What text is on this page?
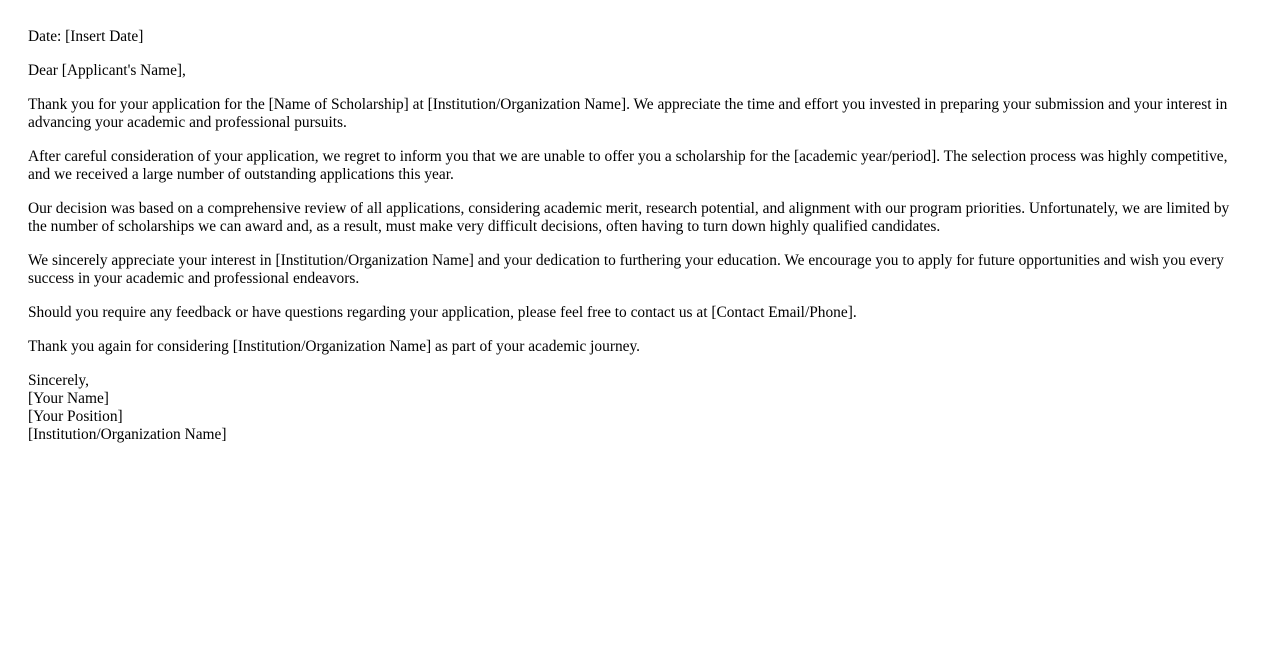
Date: [Insert Date]

Dear [Applicant's Name],

Thank you for your application for the [Name of Scholarship] at [Institution/Organization Name]. We appreciate the time and effort you invested in preparing your submission and your interest in advancing your academic and professional pursuits.

After careful consideration of your application, we regret to inform you that we are unable to offer you a scholarship for the [academic year/period]. The selection process was highly competitive, and we received a large number of outstanding applications this year.

Our decision was based on a comprehensive review of all applications, considering academic merit, research potential, and alignment with our program priorities. Unfortunately, we are limited by the number of scholarships we can award and, as a result, must make very difficult decisions, often having to turn down highly qualified candidates.

We sincerely appreciate your interest in [Institution/Organization Name] and your dedication to furthering your education. We encourage you to apply for future opportunities and wish you every success in your academic and professional endeavors.

Should you require any feedback or have questions regarding your application, please feel free to contact us at [Contact Email/Phone].

Thank you again for considering [Institution/Organization Name] as part of your academic journey.

Sincerely,
[Your Name]
[Your Position]
[Institution/Organization Name]
